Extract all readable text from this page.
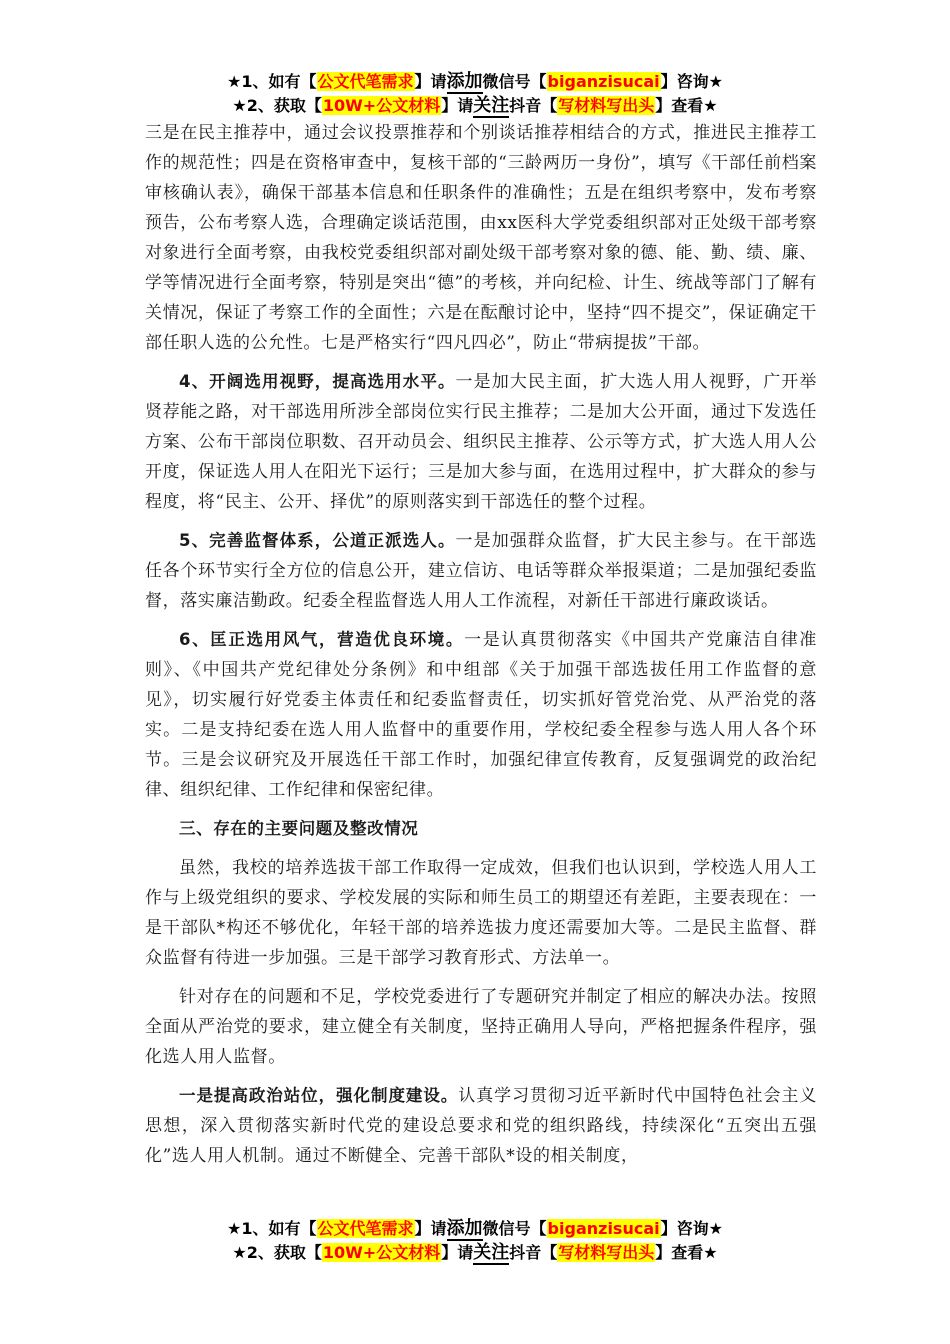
★1、如有【公文代笔需求】请添加微信号【biganzisucai】咨询★
★2、获取【10W+公文材料】请关注抖音【写材料写出头】查看★

三是在民主推荐中，通过会议投票推荐和个别谈话推荐相结合的方式，推进民主推荐工作的规范性；四是在资格审查中，复核干部的“三龄两历一身份”，填写《干部任前档案审核确认表》，确保干部基本信息和任职条件的准确性；五是在组织考察中，发布考察预告，公布考察人选，合理确定谈话范围，由xx医科大学党委组织部对正处级干部考察对象进行全面考察，由我校党委组织部对副处级干部考察对象的德、能、勤、绩、廉、学等情况进行全面考察，特别是突出“德”的考核，并向纪检、计生、统战等部门了解有关情况，保证了考察工作的全面性；六是在酝酿讨论中，坚持“四不提交”，保证确定干部任职人选的公允性。七是严格实行“四凡四必”，防止“带病提拔”干部。

4、开阔选用视野，提高选用水平。一是加大民主面，扩大选人用人视野，广开举贤荐能之路，对干部选用所涉全部岗位实行民主推荐；二是加大公开面，通过下发选任方案、公布干部岗位职数、召开动员会、组织民主推荐、公示等方式，扩大选人用人公开度，保证选人用人在阳光下运行；三是加大参与面，在选用过程中，扩大群众的参与程度，将“民主、公开、择优”的原则落实到干部选任的整个过程。

5、完善监督体系，公道正派选人。一是加强群众监督，扩大民主参与。在干部选任各个环节实行全方位的信息公开，建立信访、电话等群众举报渠道；二是加强纪委监督，落实廉洁勤政。纪委全程监督选人用人工作流程，对新任干部进行廉政谈话。

6、匡正选用风气，营造优良环境。一是认真贯彻落实《中国共产党廉洁自律准则》、《中国共产党纪律处分条例》和中组部《关于加强干部选拔任用工作监督的意见》，切实履行好党委主体责任和纪委监督责任，切实抓好管党治党、从严治党的落实。二是支持纪委在选人用人监督中的重要作用，学校纪委全程参与选人用人各个环节。三是会议研究及开展选任干部工作时，加强纪律宣传教育，反复强调党的政治纪律、组织纪律、工作纪律和保密纪律。

三、存在的主要问题及整改情况

虽然，我校的培养选拔干部工作取得一定成效，但我们也认识到，学校选人用人工作与上级党组织的要求、学校发展的实际和师生员工的期望还有差距，主要表现在：一是干部队*构还不够优化，年轻干部的培养选拔力度还需要加大等。二是民主监督、群众监督有待进一步加强。三是干部学习教育形式、方法单一。

针对存在的问题和不足，学校党委进行了专题研究并制定了相应的解决办法。按照全面从严治党的要求，建立健全有关制度，坚持正确用人导向，严格把握条件程序，强化选人用人监督。

一是提高政治站位，强化制度建设。认真学习贯彻习近平新时代中国特色社会主义思想，深入贯彻落实新时代党的建设总要求和党的组织路线，持续深化“五突出五强化”选人用人机制。通过不断健全、完善干部队*设的相关制度，

★1、如有【公文代笔需求】请添加微信号【biganzisucai】咨询★
★2、获取【10W+公文材料】请关注抖音【写材料写出头】查看★
